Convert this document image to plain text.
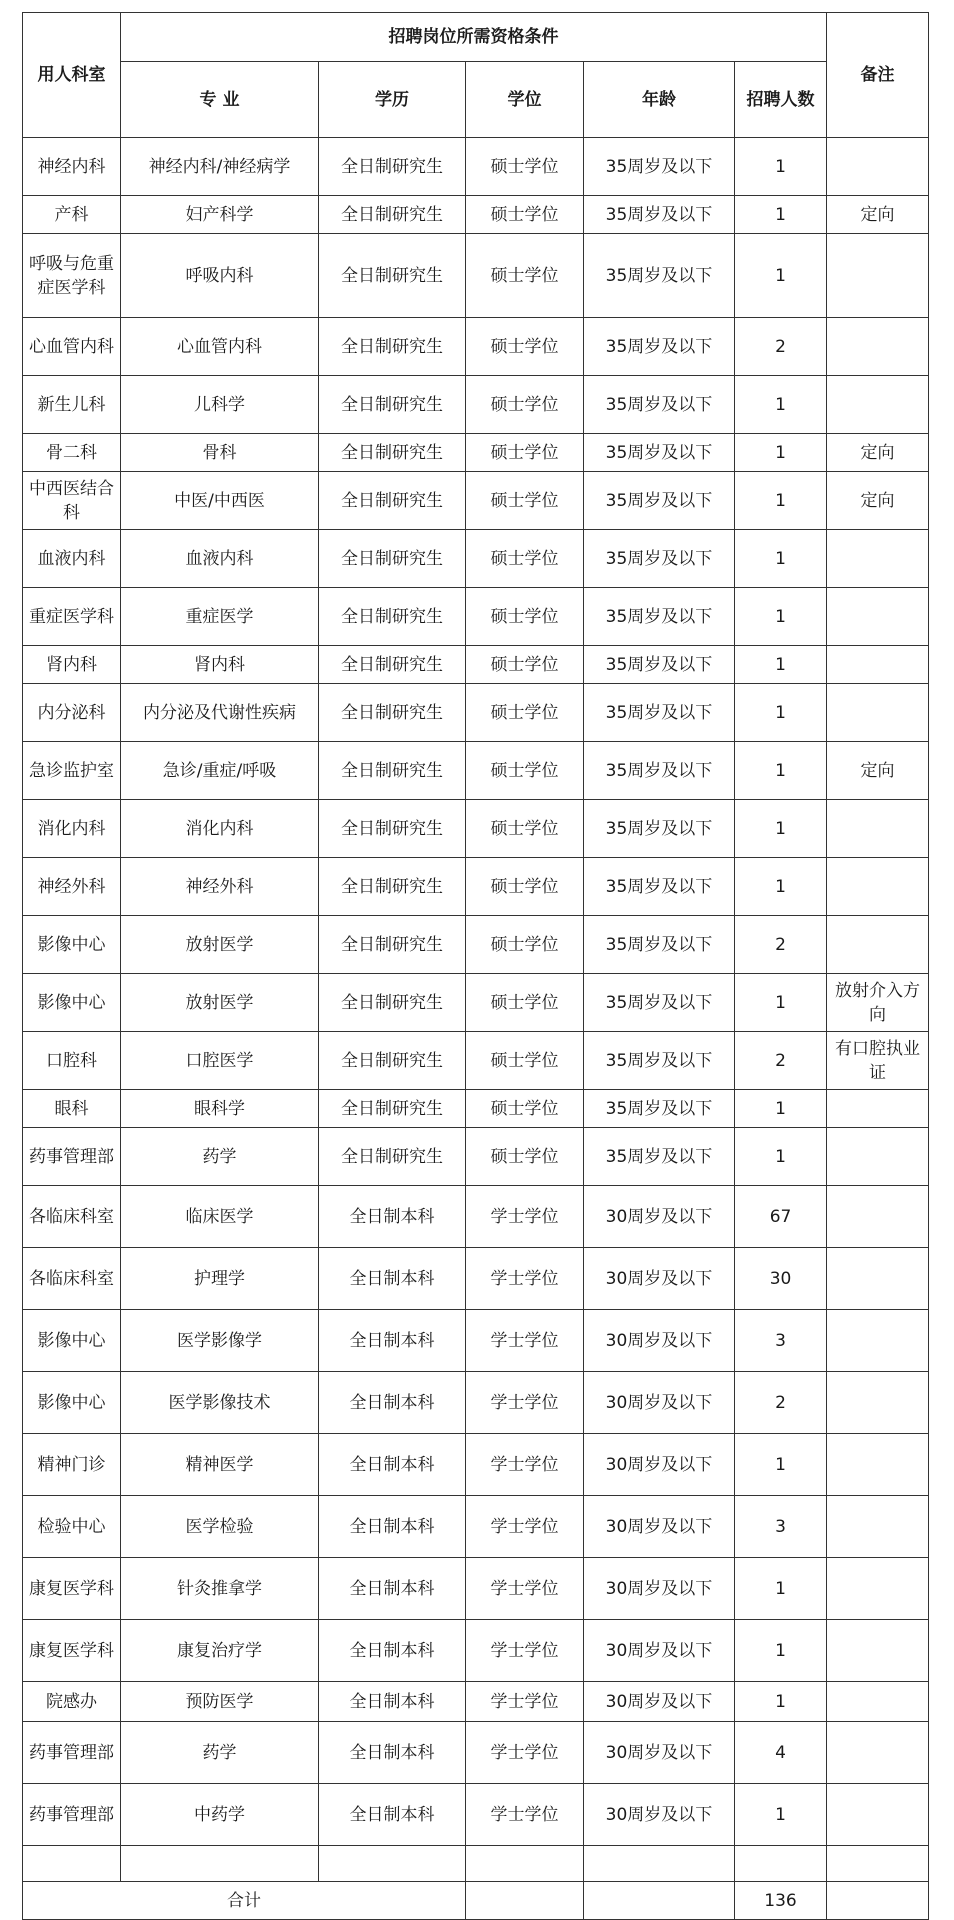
用人科室	招聘岗位所需资格条件					备注
	专 业	学历	学位	年龄	招聘人数	
神经内科	神经内科/神经病学	全日制研究生	硕士学位	35周岁及以下	1	
产科	妇产科学	全日制研究生	硕士学位	35周岁及以下	1	定向
呼吸与危重症医学科	呼吸内科	全日制研究生	硕士学位	35周岁及以下	1	
心血管内科	心血管内科	全日制研究生	硕士学位	35周岁及以下	2	
新生儿科	儿科学	全日制研究生	硕士学位	35周岁及以下	1	
骨二科	骨科	全日制研究生	硕士学位	35周岁及以下	1	定向
中西医结合科	中医/中西医	全日制研究生	硕士学位	35周岁及以下	1	定向
血液内科	血液内科	全日制研究生	硕士学位	35周岁及以下	1	
重症医学科	重症医学	全日制研究生	硕士学位	35周岁及以下	1	
肾内科	肾内科	全日制研究生	硕士学位	35周岁及以下	1	
内分泌科	内分泌及代谢性疾病	全日制研究生	硕士学位	35周岁及以下	1	
急诊监护室	急诊/重症/呼吸	全日制研究生	硕士学位	35周岁及以下	1	定向
消化内科	消化内科	全日制研究生	硕士学位	35周岁及以下	1	
神经外科	神经外科	全日制研究生	硕士学位	35周岁及以下	1	
影像中心	放射医学	全日制研究生	硕士学位	35周岁及以下	2	
影像中心	放射医学	全日制研究生	硕士学位	35周岁及以下	1	放射介入方向
口腔科	口腔医学	全日制研究生	硕士学位	35周岁及以下	2	有口腔执业证
眼科	眼科学	全日制研究生	硕士学位	35周岁及以下	1	
药事管理部	药学	全日制研究生	硕士学位	35周岁及以下	1	
各临床科室	临床医学	全日制本科	学士学位	30周岁及以下	67	
各临床科室	护理学	全日制本科	学士学位	30周岁及以下	30	
影像中心	医学影像学	全日制本科	学士学位	30周岁及以下	3	
影像中心	医学影像技术	全日制本科	学士学位	30周岁及以下	2	
精神门诊	精神医学	全日制本科	学士学位	30周岁及以下	1	
检验中心	医学检验	全日制本科	学士学位	30周岁及以下	3	
康复医学科	针灸推拿学	全日制本科	学士学位	30周岁及以下	1	
康复医学科	康复治疗学	全日制本科	学士学位	30周岁及以下	1	
院感办	预防医学	全日制本科	学士学位	30周岁及以下	1	
药事管理部	药学	全日制本科	学士学位	30周岁及以下	4	
药事管理部	中药学	全日制本科	学士学位	30周岁及以下	1	

合计					136	
